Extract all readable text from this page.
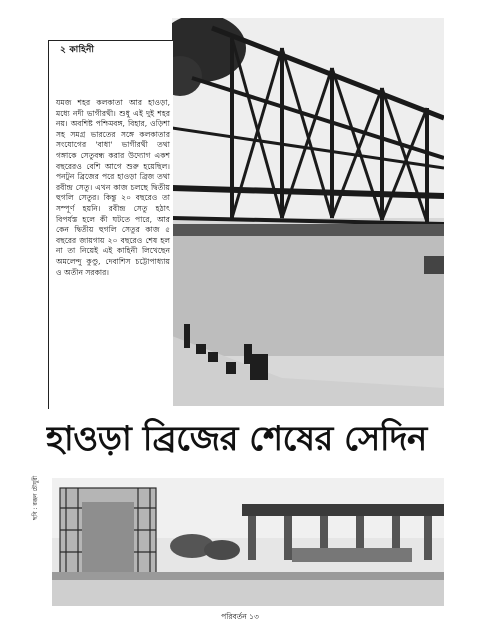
২ কাহিনী
যমজ শহর কলকাতা আর হাওড়া, মধ্যে নদী ভাগীরথী। শুধু এই দুই শহর নয়। অবশিষ্ট পশ্চিমবঙ্গ, বিহার, ওড়িশা সহ সমগ্র ভারতের সঙ্গে কলকাতার সংযোগের 'বাধা' ভাগীরথী তথা গঙ্গাকে সেতুবন্ধ করার উদ্যোগ একশ বছরেরও বেশি আগে শুরু হয়েছিল। পনটুন ব্রিজের পরে হাওড়া ব্রিজ তথা রবীন্দ্র সেতু। এখন কাজ চলছে দ্বিতীয় হুগলি সেতুর। কিন্তু ২০ বছরেও তা সম্পূর্ণ হয়নি। রবীন্দ্র সেতু হঠাৎ বিপর্যস্ত হলে কী ঘটতে পারে, আর কেন দ্বিতীয় হুগলি সেতুর কাজ ৫ বছরের জায়গায় ২০ বছরেও শেষ হল না তা নিয়েই এই কাহিনী লিখেছেন অমলেন্দু কুণ্ডু, দেবাশিস চট্টোপাধ্যায় ও অতীন সরকার।
হাওড়া ব্রিজের শেষের সেদিন
ছবি : রঞ্জন চৌধুরী
পরিবর্তন ১৩
